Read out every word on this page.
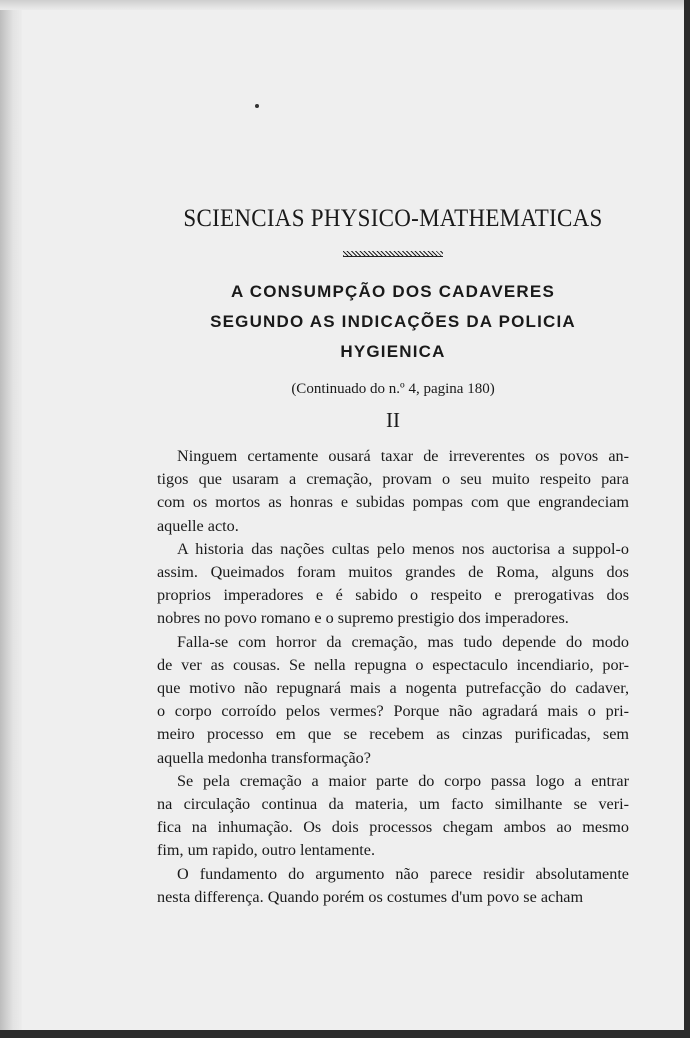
SCIENCIAS PHYSICO-MATHEMATICAS
A CONSUMPÇÃO DOS CADAVERES
SEGUNDO AS INDICAÇÕES DA POLICIA HYGIENICA
(Continuado do n.º 4, pagina 180)
II

Ninguem certamente ousará taxar de irreverentes os povos an-
tigos que usaram a cremação, provam o seu muito respeito para
com os mortos as honras e subidas pompas com que engrandeciam
aquelle acto.

A historia das nações cultas pelo menos nos auctorisa a suppol-o
assim. Queimados foram muitos grandes de Roma, alguns dos
proprios imperadores e é sabido o respeito e prerogativas dos
nobres no povo romano e o supremo prestigio dos imperadores.

Falla-se com horror da cremação, mas tudo depende do modo
de ver as cousas. Se nella repugna o espectaculo incendiario, por-
que motivo não repugnará mais a nogenta putrefacção do cadaver,
o corpo corroído pelos vermes? Porque não agradará mais o pri-
meiro processo em que se recebem as cinzas purificadas, sem
aquella medonha transformação?

Se pela cremação a maior parte do corpo passa logo a entrar
na circulação continua da materia, um facto similhante se veri-
fica na inhumação. Os dois processos chegam ambos ao mesmo
fim, um rapido, outro lentamente.

O fundamento do argumento não parece residir absolutamente
nesta differença. Quando porém os costumes d'um povo se acham
